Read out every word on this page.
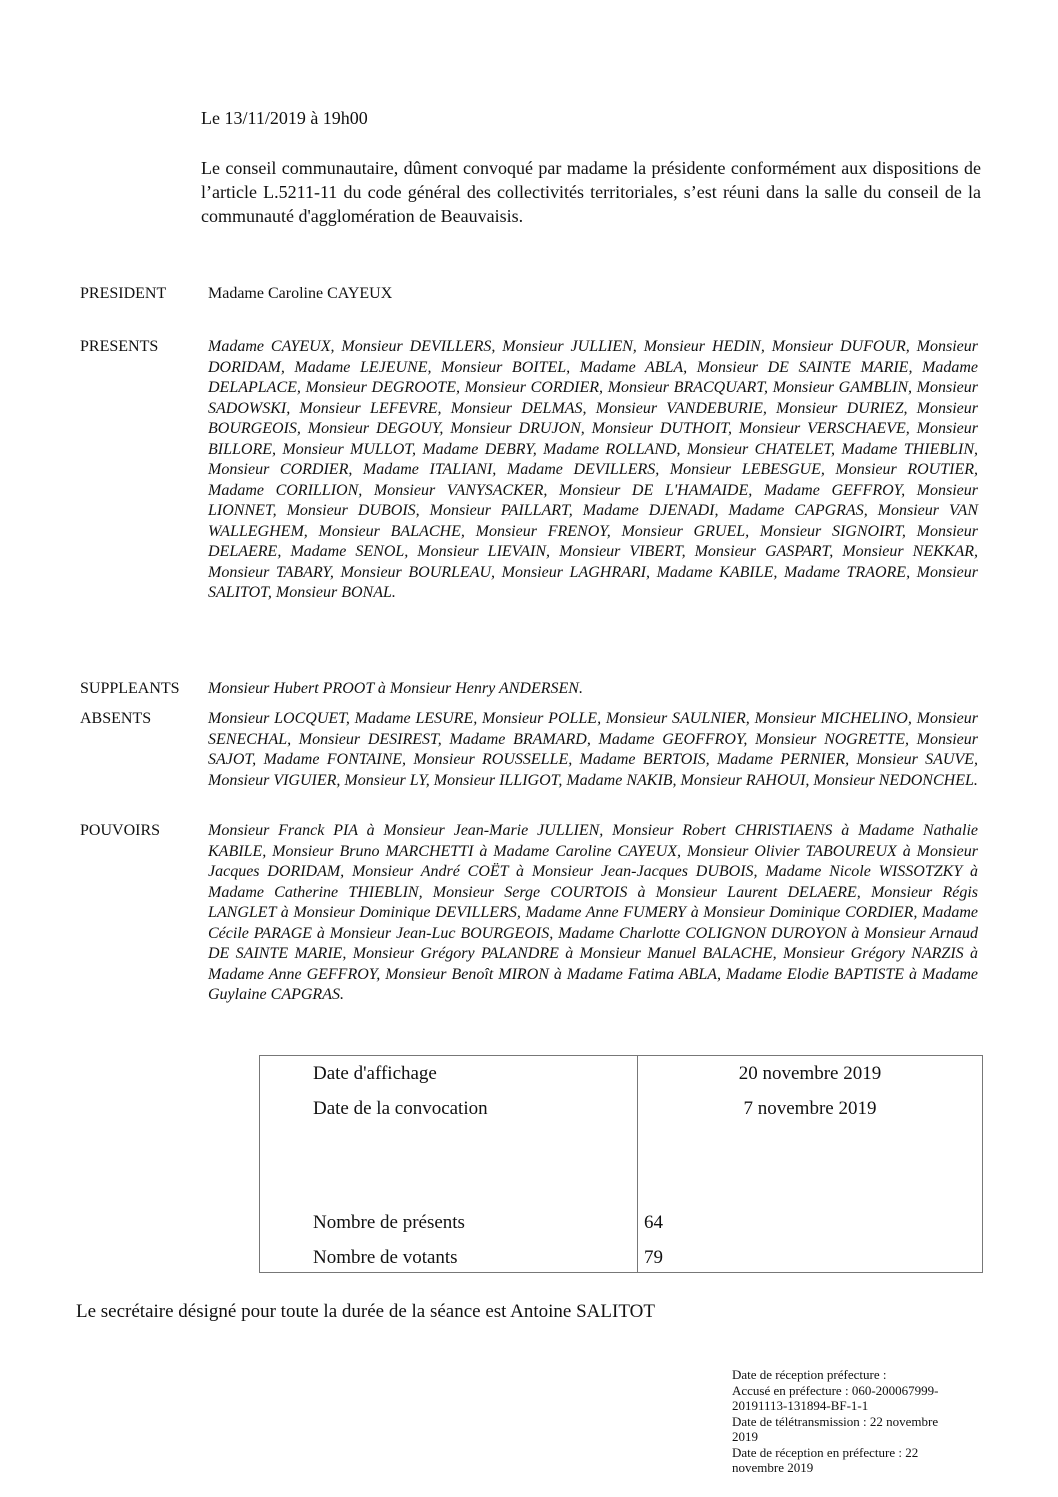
Le 13/11/2019 à 19h00
Le conseil communautaire, dûment convoqué par madame la présidente conformément aux dispositions de l’article L.5211-11 du code général des collectivités territoriales, s’est réuni dans la salle du conseil de la communauté d'agglomération de Beauvaisis.
PRESIDENT	Madame Caroline CAYEUX
PRESENTS	Madame CAYEUX, Monsieur DEVILLERS, Monsieur JULLIEN, Monsieur HEDIN, Monsieur DUFOUR, Monsieur DORIDAM, Madame LEJEUNE, Monsieur BOITEL, Madame ABLA, Monsieur DE SAINTE MARIE, Madame DELAPLACE, Monsieur DEGROOTE, Monsieur CORDIER, Monsieur BRACQUART, Monsieur GAMBLIN, Monsieur SADOWSKI, Monsieur LEFEVRE, Monsieur DELMAS, Monsieur VANDEBURIE, Monsieur DURIEZ, Monsieur BOURGEOIS, Monsieur DEGOUY, Monsieur DRUJON, Monsieur DUTHOIT, Monsieur VERSCHAEVE, Monsieur BILLORE, Monsieur MULLOT, Madame DEBRY, Madame ROLLAND, Monsieur CHATELET, Madame THIEBLIN, Monsieur CORDIER, Madame ITALIANI, Madame DEVILLERS, Monsieur LEBESGUE, Monsieur ROUTIER, Madame CORILLION, Monsieur VANYSACKER, Monsieur DE L'HAMAIDE, Madame GEFFROY, Monsieur LIONNET, Monsieur DUBOIS, Monsieur PAILLART, Madame DJENADI, Madame CAPGRAS, Monsieur VAN WALLEGHEM, Monsieur BALACHE, Monsieur FRENOY, Monsieur GRUEL, Monsieur SIGNOIRT, Monsieur DELAERE, Madame SENOL, Monsieur LIEVAIN, Monsieur VIBERT, Monsieur GASPART, Monsieur NEKKAR, Monsieur TABARY, Monsieur BOURLEAU, Monsieur LAGHRARI, Madame KABILE, Madame TRAORE, Monsieur SALITOT, Monsieur BONAL.
SUPPLEANTS Monsieur Hubert PROOT à Monsieur Henry ANDERSEN.
ABSENTS	Monsieur LOCQUET, Madame LESURE, Monsieur POLLE, Monsieur SAULNIER, Monsieur MICHELINO, Monsieur SENECHAL, Monsieur DESIREST, Madame BRAMARD, Madame GEOFFROY, Monsieur NOGRETTE, Monsieur SAJOT, Madame FONTAINE, Monsieur ROUSSELLE, Madame BERTOIS, Madame PERNIER, Monsieur SAUVE, Monsieur VIGUIER, Monsieur LY, Monsieur ILLIGOT, Madame NAKIB, Monsieur RAHOUI, Monsieur NEDONCHEL.
POUVOIRS	Monsieur Franck PIA à Monsieur Jean-Marie JULLIEN, Monsieur Robert CHRISTIAENS à Madame Nathalie KABILE, Monsieur Bruno MARCHETTI à Madame Caroline CAYEUX, Monsieur Olivier TABOUREUX à Monsieur Jacques DORIDAM, Monsieur André COËT à Monsieur Jean-Jacques DUBOIS, Madame Nicole WISSOTZKY à Madame Catherine THIEBLIN, Monsieur Serge COURTOIS à Monsieur Laurent DELAERE, Monsieur Régis LANGLET à Monsieur Dominique DEVILLERS, Madame Anne FUMERY à Monsieur Dominique CORDIER, Madame Cécile PARAGE à Monsieur Jean-Luc BOURGEOIS, Madame Charlotte COLIGNON DUROYON à Monsieur Arnaud DE SAINTE MARIE, Monsieur Grégory PALANDRE à Monsieur Manuel BALACHE, Monsieur Grégory NARZIS à Madame Anne GEFFROY, Monsieur Benoît MIRON à Madame Fatima ABLA, Madame Elodie BAPTISTE à Madame Guylaine CAPGRAS.
Date d'affichage	20 novembre 2019
Date de la convocation	7 novembre 2019
Nombre de présents	64
Nombre de votants	79
Le secrétaire désigné pour toute la durée de la séance est Antoine SALITOT
Date de réception préfecture :
Accusé en préfecture : 060-200067999-20191113-131894-BF-1-1
Date de télétransmission : 22 novembre 2019
Date de réception en préfecture : 22 novembre 2019
